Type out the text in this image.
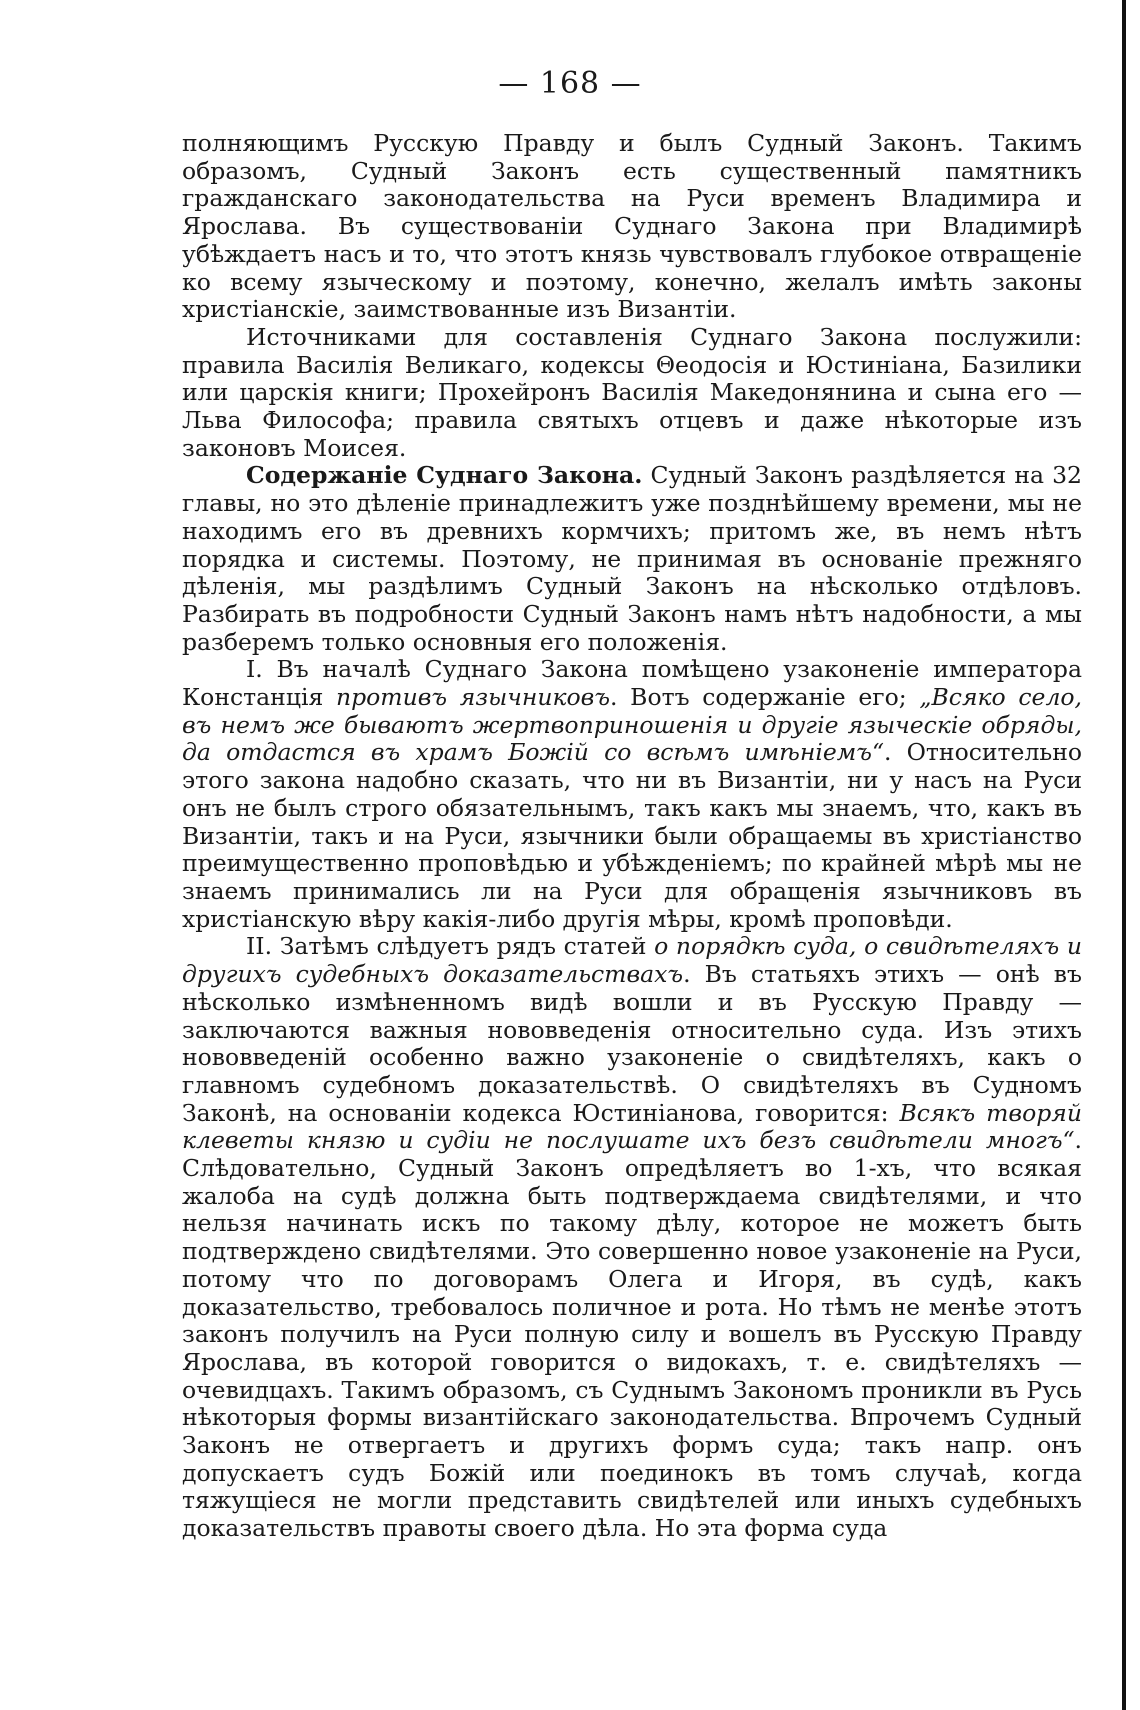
— 168 —

полняющимъ Русскую Правду и былъ Судный Законъ. Такимъ образомъ, Судный Законъ есть существенный памятникъ гражданскаго законодательства на Руси временъ Владимира и Ярослава. Въ существованіи Суднаго Закона при Владимирѣ убѣждаетъ насъ и то, что этотъ князь чувствовалъ глубокое отвращеніе ко всему языческому и поэтому, конечно, желалъ имѣть законы христіанскіе, заимствованные изъ Византіи.

Источниками для составленія Суднаго Закона послужили: правила Василія Великаго, кодексы Θеодосія и Юстиніана, Базилики или царскія книги; Прохейронъ Василія Македонянина и сына его — Льва Философа; правила святыхъ отцевъ и даже нѣкоторые изъ законовъ Моисея.

Содержаніе Суднаго Закона. Судный Законъ раздѣляется на 32 главы, но это дѣленіе принадлежитъ уже позднѣйшему времени, мы не находимъ его въ древнихъ кормчихъ; притомъ же, въ немъ нѣтъ порядка и системы. Поэтому, не принимая въ основаніе прежняго дѣленія, мы раздѣлимъ Судный Законъ на нѣсколько отдѣловъ. Разбирать въ подробности Судный Законъ намъ нѣтъ надобности, а мы разберемъ только основныя его положенія.

I. Въ началѣ Суднаго Закона помѣщено узаконеніе императора Констанція противъ язычниковъ. Вотъ содержаніе его; „Всяко село, въ немъ же бываютъ жертвоприношенія и другіе языческіе обряды, да отдастся въ храмъ Божій со всѣмъ имѣніемъ“. Относительно этого закона надобно сказать, что ни въ Византіи, ни у насъ на Руси онъ не былъ строго обязательнымъ, такъ какъ мы знаемъ, что, какъ въ Византіи, такъ и на Руси, язычники были обращаемы въ христіанство преимущественно проповѣдью и убѣжденіемъ; по крайней мѣрѣ мы не знаемъ принимались ли на Руси для обращенія язычниковъ въ христіанскую вѣру какія-либо другія мѣры, кромѣ проповѣди.

II. Затѣмъ слѣдуетъ рядъ статей о порядкѣ суда, о свидѣтеляхъ и другихъ судебныхъ доказательствахъ. Въ статьяхъ этихъ — онѣ въ нѣсколько измѣненномъ видѣ вошли и въ Русскую Правду — заключаются важныя нововведенія относительно суда. Изъ этихъ нововведеній особенно важно узаконеніе о свидѣтеляхъ, какъ о главномъ судебномъ доказательствѣ. О свидѣтеляхъ въ Судномъ Законѣ, на основаніи кодекса Юстиніанова, говорится: Всякъ творяй клеветы князю и судіи не послушате ихъ безъ свидѣтели многъ“. Слѣдовательно, Судный Законъ опредѣляетъ во 1-хъ, что всякая жалоба на судѣ должна быть подтверждаема свидѣтелями, и что нельзя начинать искъ по такому дѣлу, которое не можетъ быть подтверждено свидѣтелями. Это совершенно новое узаконеніе на Руси, потому что по договорамъ Олега и Игоря, въ судѣ, какъ доказательство, требовалось поличное и рота. Но тѣмъ не менѣе этотъ законъ получилъ на Руси полную силу и вошелъ въ Русскую Правду Ярослава, въ которой говорится о видокахъ, т. е. свидѣтеляхъ — очевидцахъ. Такимъ образомъ, съ Суднымъ Закономъ проникли въ Русь нѣкоторыя формы византійскаго законодательства. Впрочемъ Судный Законъ не отвергаетъ и другихъ формъ суда; такъ напр. онъ допускаетъ судъ Божій или поединокъ въ томъ случаѣ, когда тяжущіеся не могли представить свидѣтелей или иныхъ судебныхъ доказательствъ правоты своего дѣла. Но эта форма суда
